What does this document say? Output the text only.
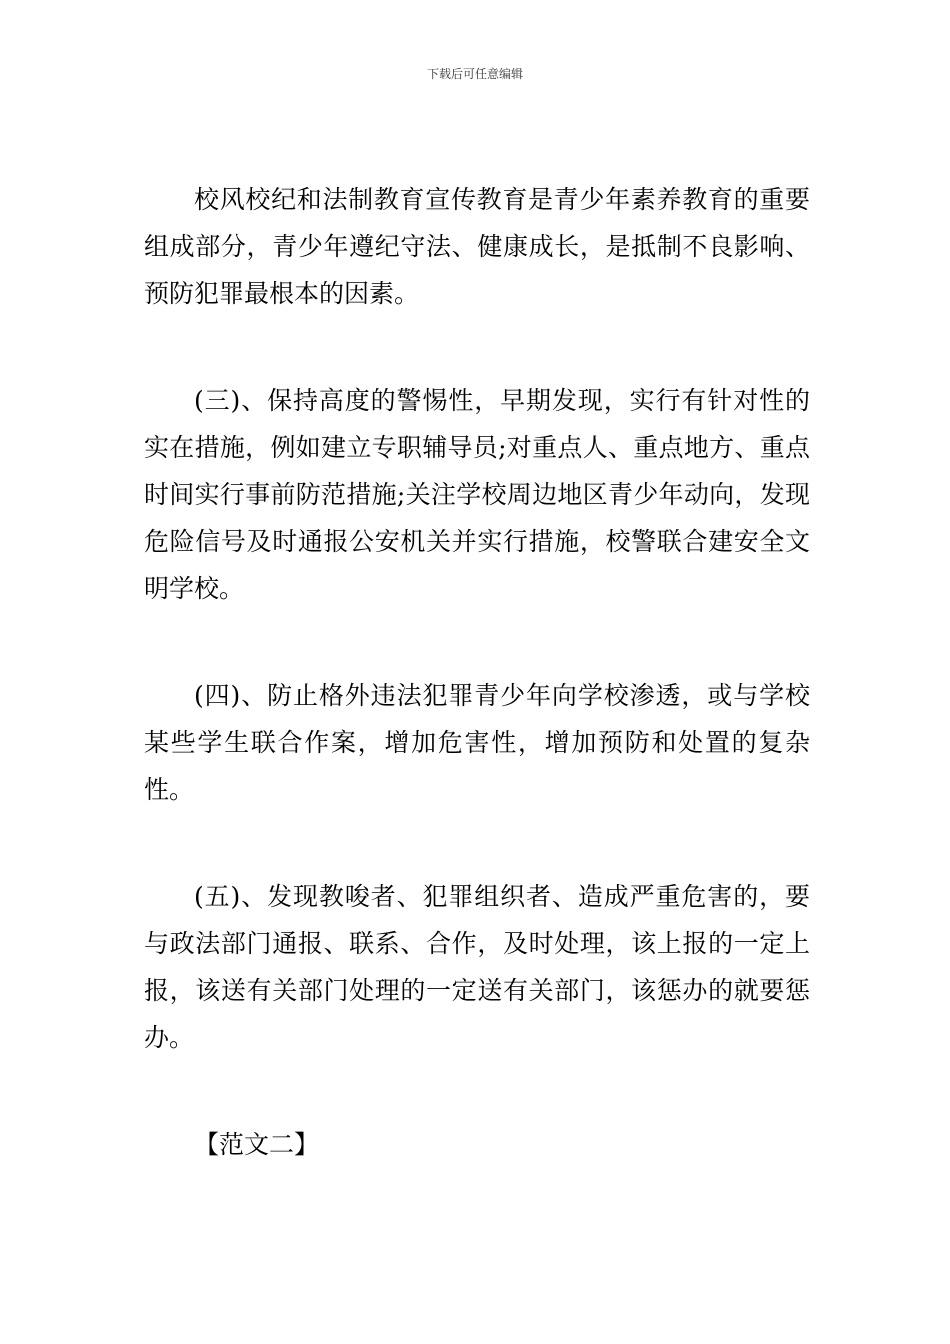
下载后可任意编辑

校风校纪和法制教育宣传教育是青少年素养教育的重要组成部分，青少年遵纪守法、健康成长，是抵制不良影响、预防犯罪最根本的因素。

(三)、保持高度的警惕性，早期发现，实行有针对性的实在措施，例如建立专职辅导员;对重点人、重点地方、重点时间实行事前防范措施;关注学校周边地区青少年动向，发现危险信号及时通报公安机关并实行措施，校警联合建安全文明学校。

(四)、防止格外违法犯罪青少年向学校渗透，或与学校某些学生联合作案，增加危害性，增加预防和处置的复杂性。

(五)、发现教唆者、犯罪组织者、造成严重危害的，要与政法部门通报、联系、合作，及时处理，该上报的一定上报，该送有关部门处理的一定送有关部门，该惩办的就要惩办。

【范文二】
